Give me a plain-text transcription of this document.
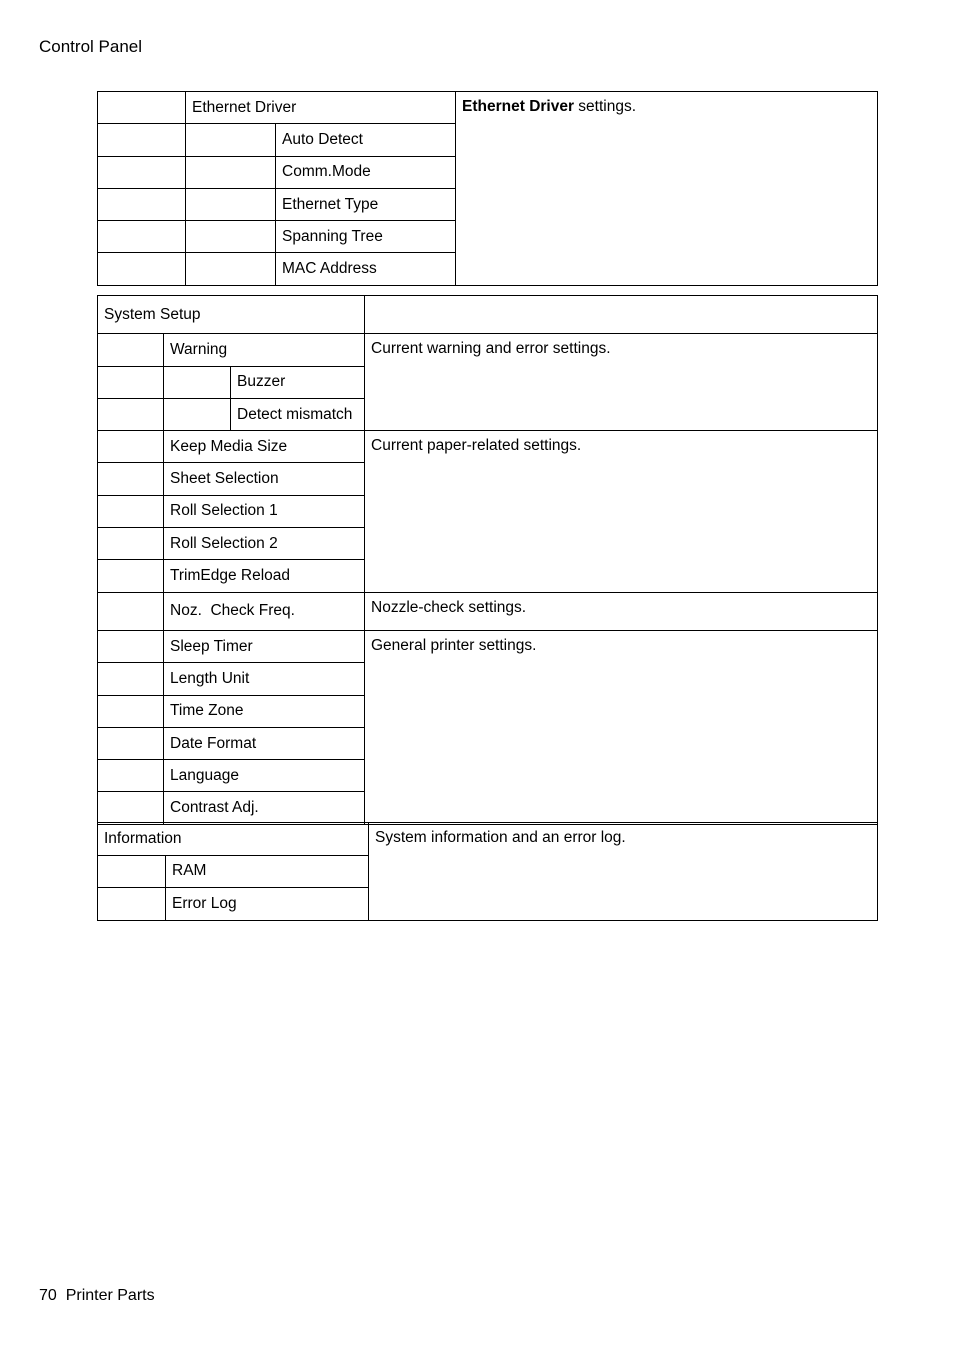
Control Panel
	Ethernet Driver		Ethernet Driver settings.
		Auto Detect	
		Comm.Mode	
		Ethernet Type	
		Spanning Tree	
		MAC Address	
System Setup			
	Warning		Current warning and error settings.
		Buzzer	
		Detect mismatch	
	Keep Media Size		Current paper-related settings.
	Sheet Selection		
	Roll Selection 1		
	Roll Selection 2		
	TrimEdge Reload		
	Noz.  Check Freq.		Nozzle-check settings.
	Sleep Timer		General printer settings.
	Length Unit		
	Time Zone		
	Date Format		
	Language		
	Contrast Adj.		
Information		System information and an error log.
	RAM	
	Error Log	
70  Printer Parts
